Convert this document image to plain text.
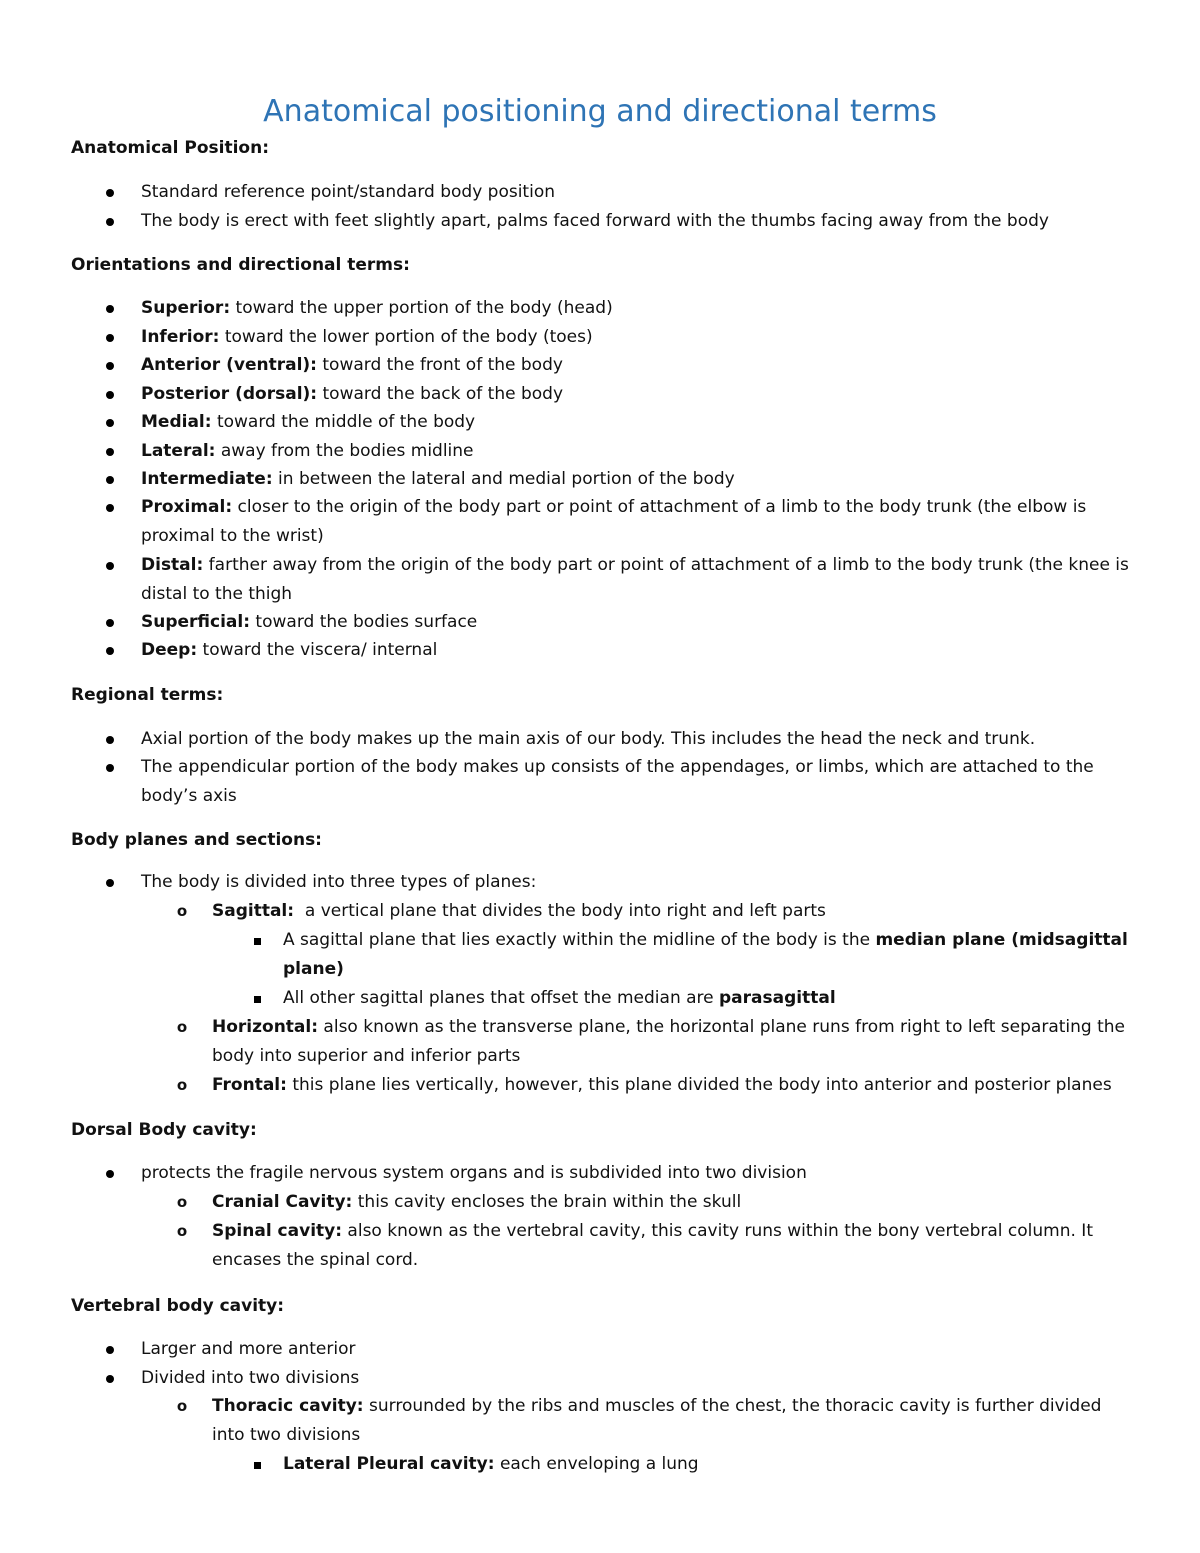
Anatomical positioning and directional terms

Anatomical Position:

Standard reference point/standard body position
The body is erect with feet slightly apart, palms faced forward with the thumbs facing away from the body

Orientations and directional terms:

Superior: toward the upper portion of the body (head)
Inferior: toward the lower portion of the body (toes)
Anterior (ventral): toward the front of the body
Posterior (dorsal): toward the back of the body
Medial: toward the middle of the body
Lateral: away from the bodies midline
Intermediate: in between the lateral and medial portion of the body
Proximal: closer to the origin of the body part or point of attachment of a limb to the body trunk (the elbow is proximal to the wrist)
Distal: farther away from the origin of the body part or point of attachment of a limb to the body trunk (the knee is distal to the thigh
Superficial: toward the bodies surface
Deep: toward the viscera/ internal

Regional terms:

Axial portion of the body makes up the main axis of our body. This includes the head the neck and trunk.
The appendicular portion of the body makes up consists of the appendages, or limbs, which are attached to the body’s axis

Body planes and sections:

The body is divided into three types of planes:
o Sagittal:  a vertical plane that divides the body into right and left parts
A sagittal plane that lies exactly within the midline of the body is the median plane (midsagittal plane)
All other sagittal planes that offset the median are parasagittal
o Horizontal: also known as the transverse plane, the horizontal plane runs from right to left separating the body into superior and inferior parts
o Frontal: this plane lies vertically, however, this plane divided the body into anterior and posterior planes

Dorsal Body cavity:

protects the fragile nervous system organs and is subdivided into two division
o Cranial Cavity: this cavity encloses the brain within the skull
o Spinal cavity: also known as the vertebral cavity, this cavity runs within the bony vertebral column. It encases the spinal cord.

Vertebral body cavity:

Larger and more anterior
Divided into two divisions
o Thoracic cavity: surrounded by the ribs and muscles of the chest, the thoracic cavity is further divided into two divisions
Lateral Pleural cavity: each enveloping a lung
